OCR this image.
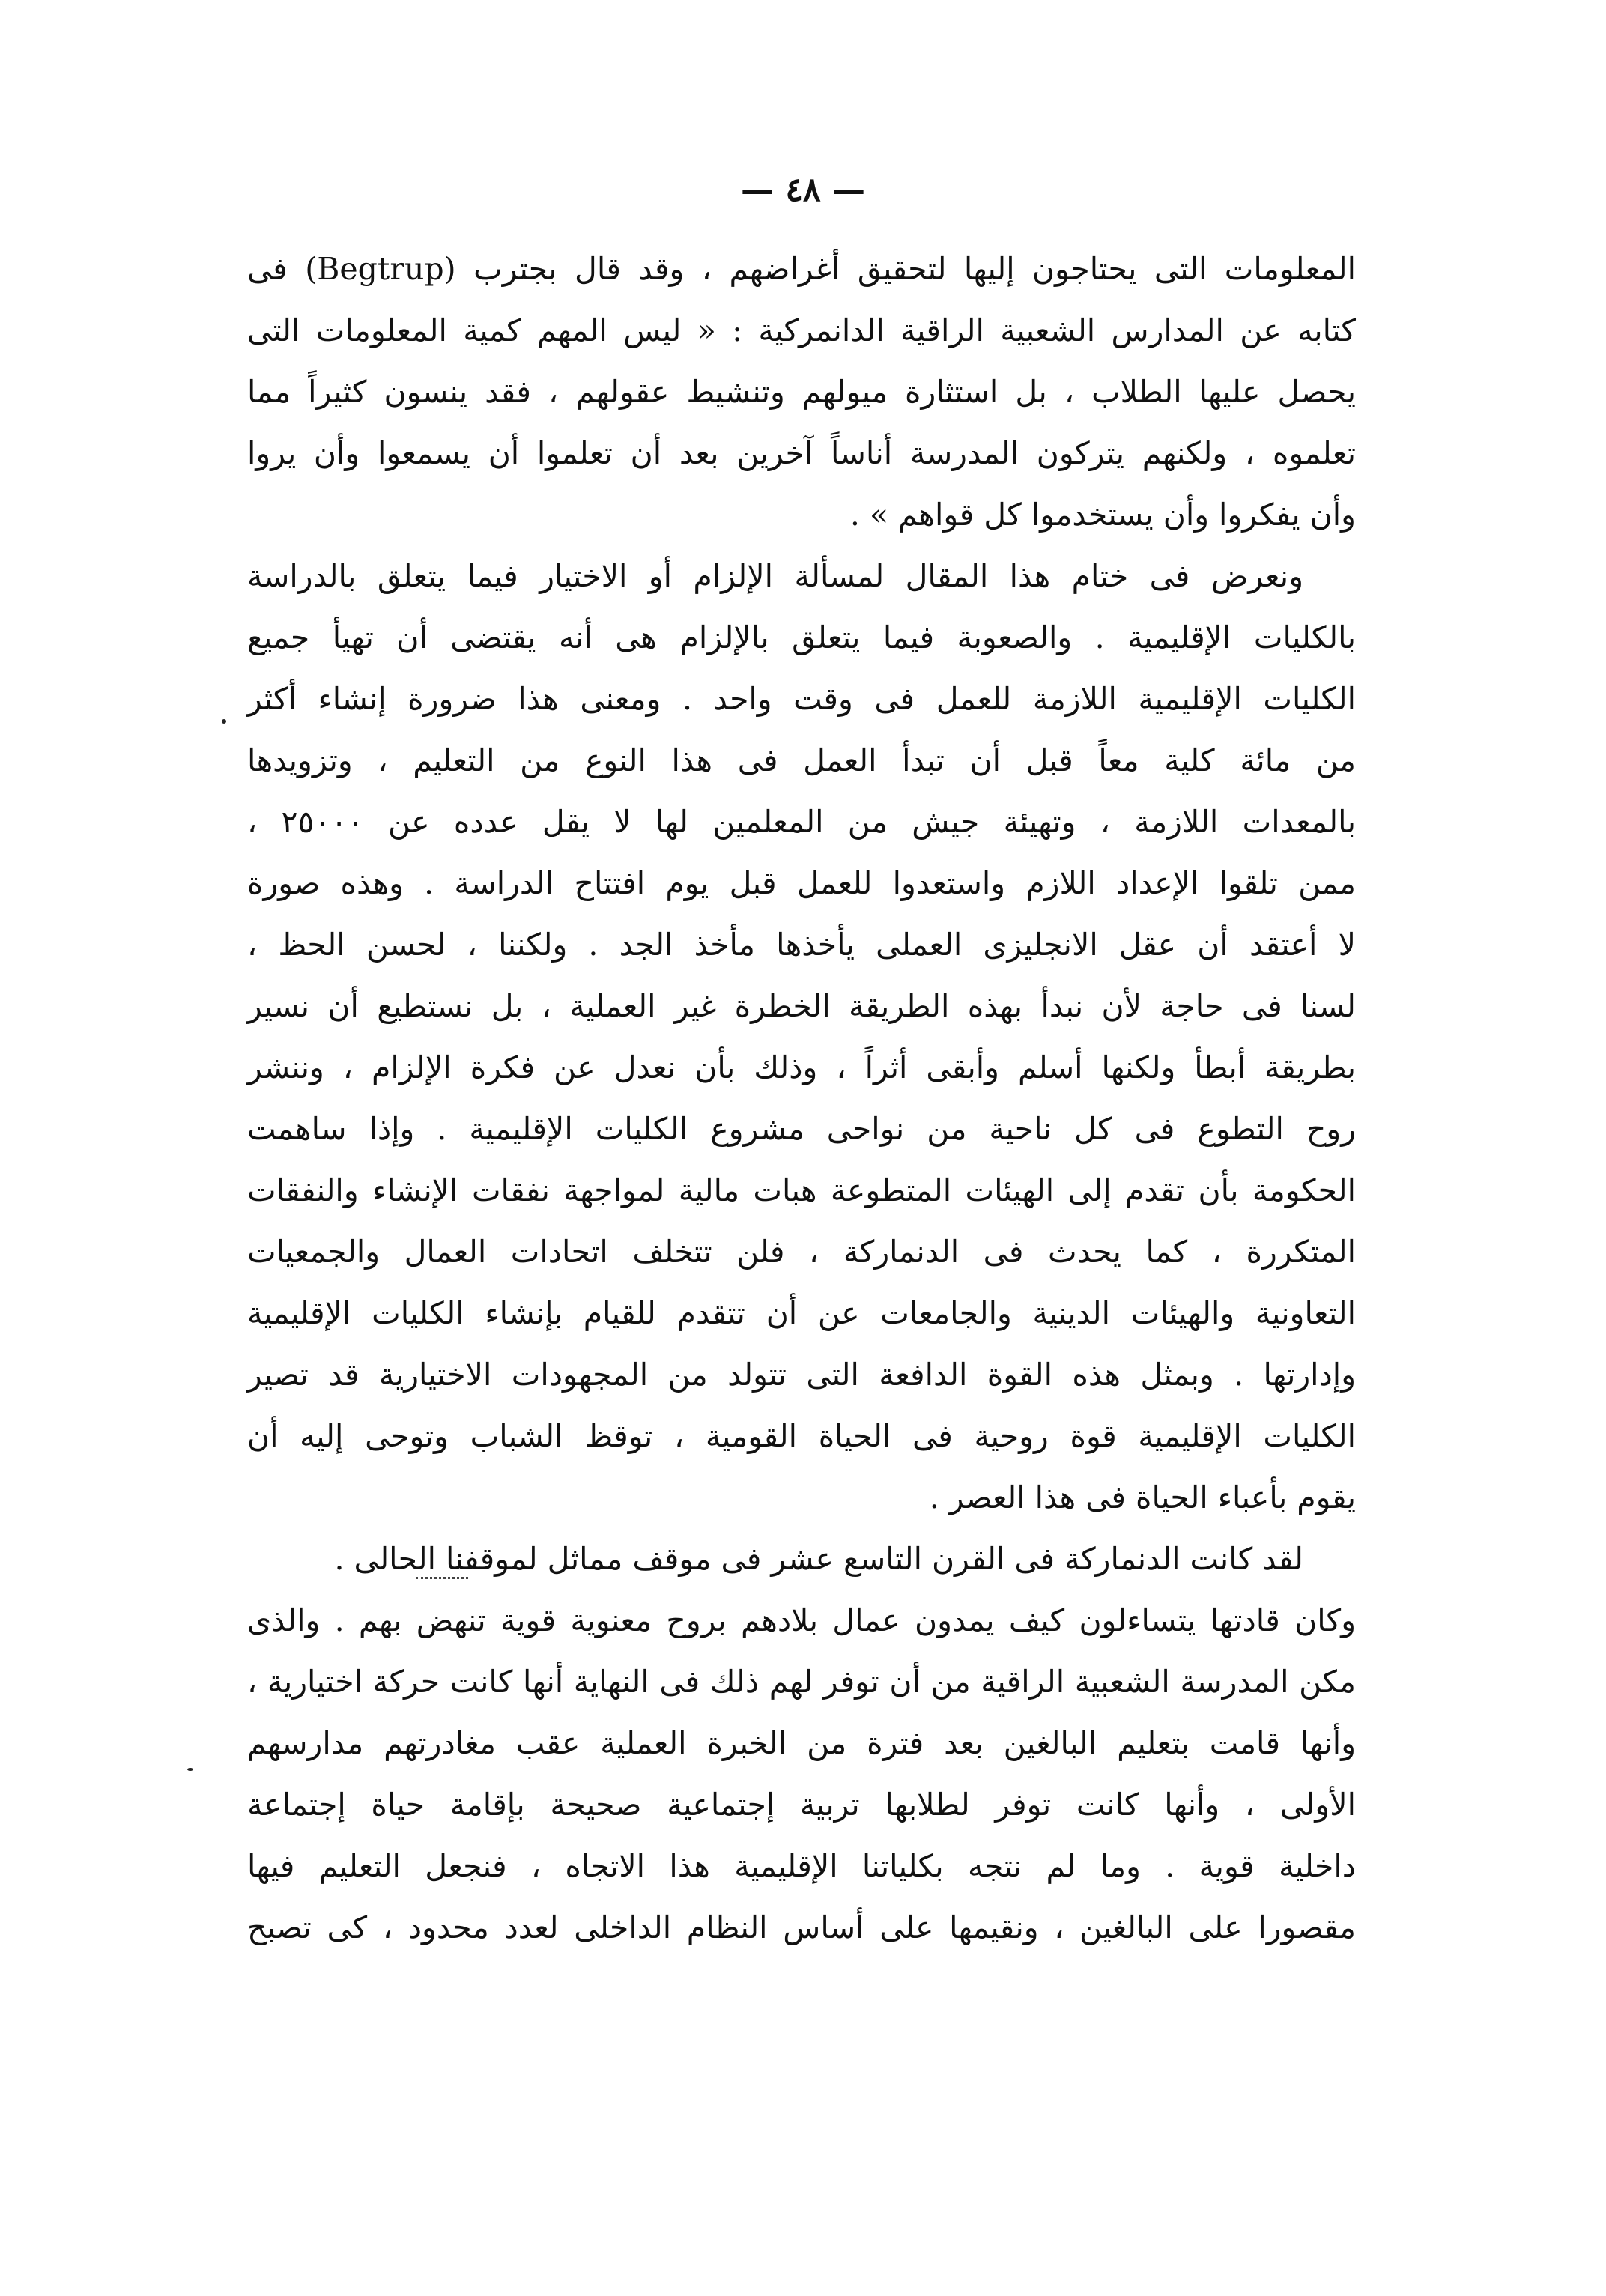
— ٤٨ —
المعلومات التى يحتاجون إليها لتحقيق أغراضهم ، وقد قال بجترب (Begtrup) فى
كتابه عن المدارس الشعبية الراقية الدانمركية : « ليس المهم كمية المعلومات التى
يحصل عليها الطلاب ، بل استثارة ميولهم وتنشيط عقولهم ، فقد ينسون كثيراً مما
تعلموه ، ولكنهم يتركون المدرسة أناساً آخرين بعد أن تعلموا أن يسمعوا وأن يروا
وأن يفكروا وأن يستخدموا كل قواهم » .
ونعرض فى ختام هذا المقال لمسألة الإلزام أو الاختيار فيما يتعلق بالدراسة
بالكليات الإقليمية . والصعوبة فيما يتعلق بالإلزام هى أنه يقتضى أن تهيأ جميع
الكليات الإقليمية اللازمة للعمل فى وقت واحد . ومعنى هذا ضرورة إنشاء أكثر
من مائة كلية معاً قبل أن تبدأ العمل فى هذا النوع من التعليم ، وتزويدها
بالمعدات اللازمة ، وتهيئة جيش من المعلمين لها لا يقل عدده عن ٢٥٠٠٠ ،
ممن تلقوا الإعداد اللازم واستعدوا للعمل قبل يوم افتتاح الدراسة . وهذه صورة
لا أعتقد أن عقل الانجليزى العملى يأخذها مأخذ الجد . ولكننا ، لحسن الحظ ،
لسنا فى حاجة لأن نبدأ بهذه الطريقة الخطرة غير العملية ، بل نستطيع أن نسير
بطريقة أبطأ ولكنها أسلم وأبقى أثراً ، وذلك بأن نعدل عن فكرة الإلزام ، وننشر
روح التطوع فى كل ناحية من نواحى مشروع الكليات الإقليمية . وإذا ساهمت
الحكومة بأن تقدم إلى الهيئات المتطوعة هبات مالية لمواجهة نفقات الإنشاء والنفقات
المتكررة ، كما يحدث فى الدنمارکة ، فلن تتخلف اتحادات العمال والجمعيات
التعاونية والهيئات الدينية والجامعات عن أن تتقدم للقيام بإنشاء الكليات الإقليمية
وإدارتها . وبمثل هذه القوة الدافعة التى تتولد من المجهودات الاختيارية قد تصير
الكليات الإقليمية قوة روحية فى الحياة القومية ، توقظ الشباب وتوحى إليه أن
يقوم بأعباء الحياة فى هذا العصر .
لقد كانت الدنماركة فى القرن التاسع عشر فى موقف مماثل لموقفنا الحالى .
وكان قادتها يتساءلون كيف يمدون عمال بلادهم بروح معنوية قوية تنهض بهم . والذى
مكن المدرسة الشعبية الراقية من أن توفر لهم ذلك فى النهاية أنها كانت حركة اختيارية ،
وأنها قامت بتعليم البالغين بعد فترة من الخبرة العملية عقب مغادرتهم مدارسهم
الأولى ، وأنها كانت توفر لطلابها تربية إجتماعية صحيحة بإقامة حياة إجتماعة
داخلية قوية . وما لم نتجه بكلياتنا الإقليمية هذا الاتجاه ، فنجعل التعليم فيها
مقصورا على البالغين ، ونقيمها على أساس النظام الداخلى لعدد محدود ، كى تصبح
